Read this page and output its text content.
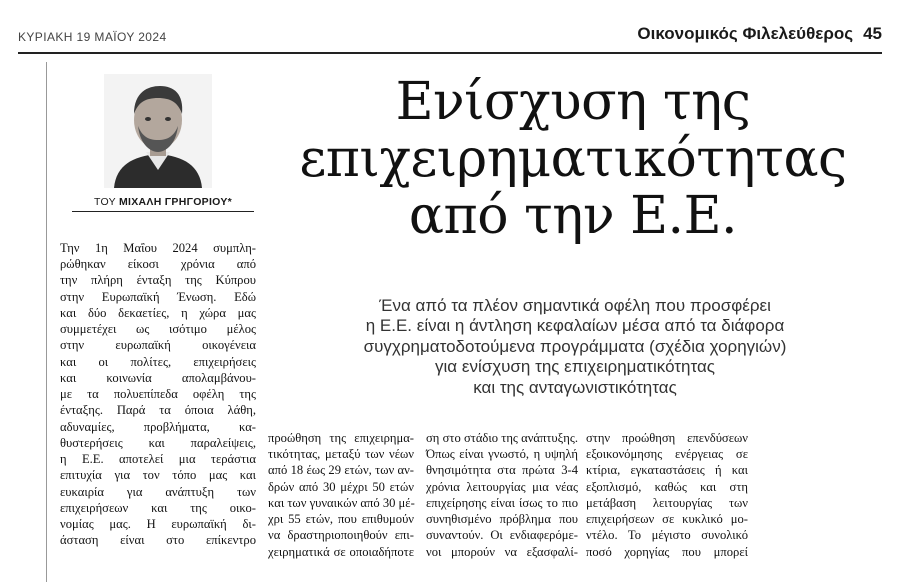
ΚΥΡΙΑΚΗ 19 ΜΑΪΟΥ 2024	Οικονομικός Φιλελεύθερος 45
ΤΟΥ ΜΙΧΑΛΗ ΓΡΗΓΟΡΙΟΥ*
Ενίσχυση της
επιχειρηματικότητας
από την Ε.Ε.
Ένα από τα πλέον σημαντικά οφέλη που προσφέρει
η Ε.Ε. είναι η άντληση κεφαλαίων μέσα από τα διάφορα
συγχρηματοδοτούμενα προγράμματα (σχέδια χορηγιών)
για ενίσχυση της επιχειρηματικότητας
και της ανταγωνιστικότητας
Την 1η Μαΐου 2024 συμπλη-
ρώθηκαν είκοσι χρόνια από
την πλήρη ένταξη της Κύπρου
στην Ευρωπαϊκή Ένωση. Εδώ
και δύο δεκαετίες, η χώρα μας
συμμετέχει ως ισότιμο μέλος
στην ευρωπαϊκή οικογένεια
και οι πολίτες, επιχειρήσεις
και κοινωνία απολαμβάνου-
με τα πολυεπίπεδα οφέλη της
ένταξης. Παρά τα όποια λάθη,
αδυναμίες, προβλήματα, κα-
θυστερήσεις και παραλείψεις,
η Ε.Ε. αποτελεί μια τεράστια
επιτυχία για τον τόπο μας και
ευκαιρία για ανάπτυξη των
επιχειρήσεων και της οικο-
νομίας μας. Η ευρωπαϊκή δι-
άσταση είναι στο επίκεντρο
προώθηση της επιχειρημα-
τικότητας, μεταξύ των νέων
από 18 έως 29 ετών, των αν-
δρών από 30 μέχρι 50 ετών
και των γυναικών από 30 μέ-
χρι 55 ετών, που επιθυμούν
να δραστηριοποιηθούν επι-
χειρηματικά σε οποιαδήποτε
ση στο στάδιο της ανάπτυξης.
Όπως είναι γνωστό, η υψηλή
θνησιμότητα στα πρώτα 3-4
χρόνια λειτουργίας μια νέας
επιχείρησης είναι ίσως το πιο
συνηθισμένο πρόβλημα που
συναντούν. Οι ενδιαφερόμε-
νοι μπορούν να εξασφαλί-
στην προώθηση επενδύσεων
εξοικονόμησης ενέργειας σε
κτίρια, εγκαταστάσεις ή και
εξοπλισμό, καθώς και στη
μετάβαση λειτουργίας των
επιχειρήσεων σε κυκλικό μο-
ντέλο. Το μέγιστο συνολικό
ποσό χορηγίας που μπορεί
